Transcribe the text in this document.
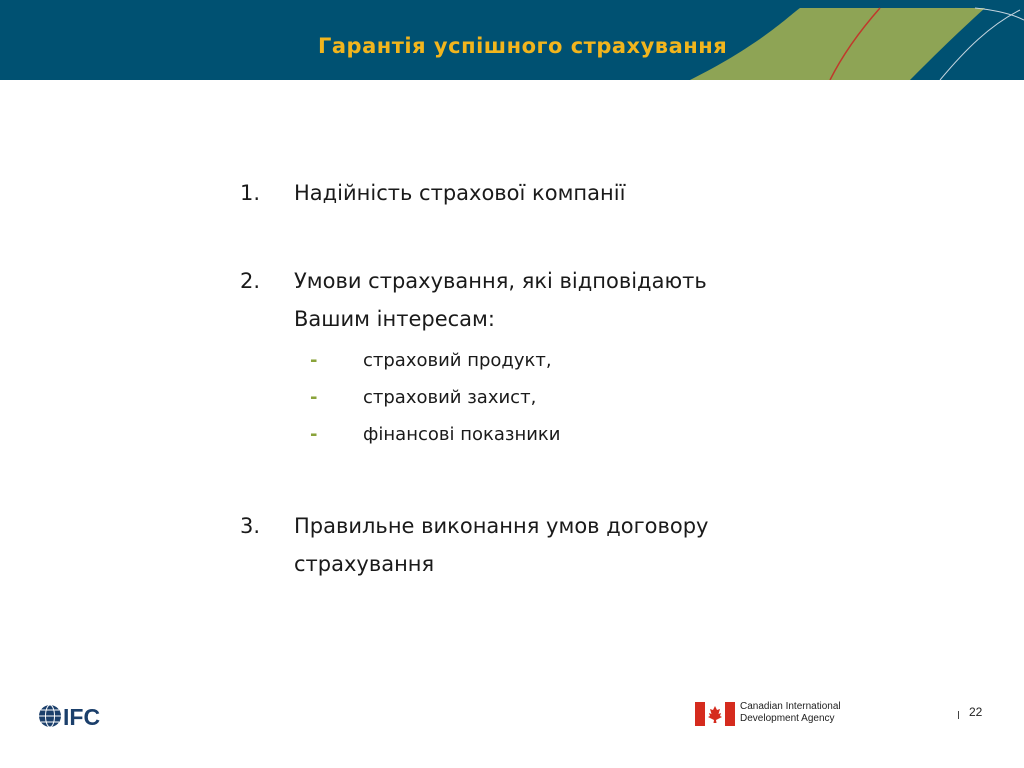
Гарантія успішного страхування
1. Надійність страхової компанії
2. Умови страхування, які відповідають
Вашим інтересам:
-	страховий продукт,
-	страховий захист,
-	фінансові показники
3. Правильне виконання умов договору
страхування
IFC	Canadian International
Development Agency	22
